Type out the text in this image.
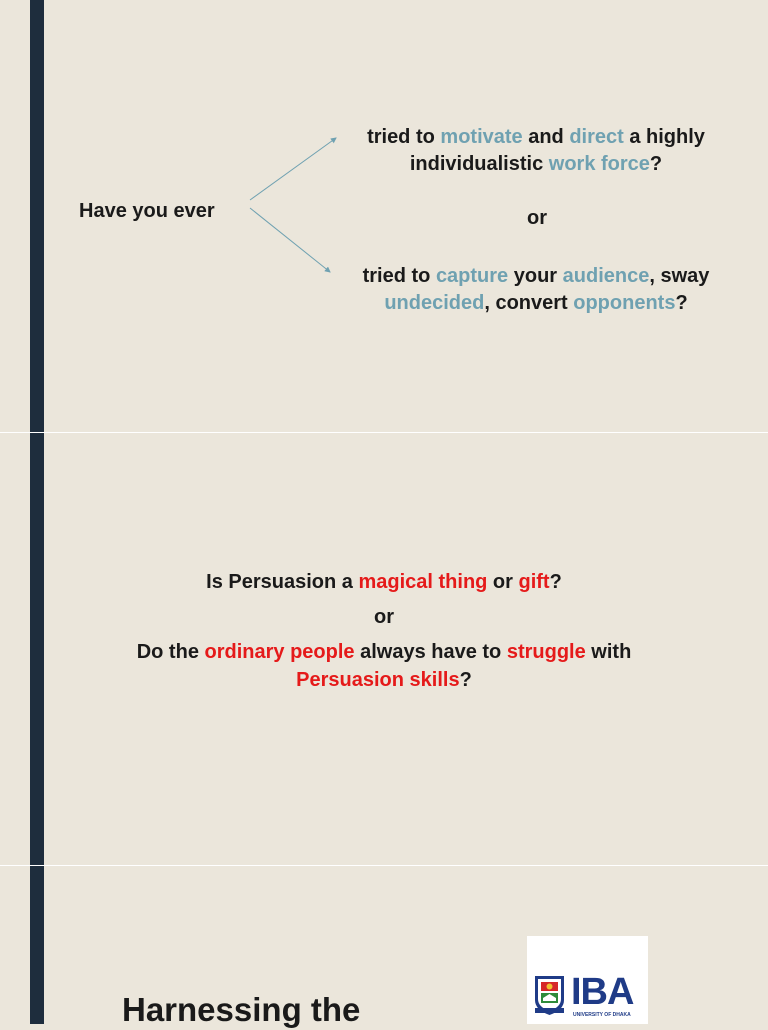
Have you ever
tried to motivate and direct a highly
individualistic work force?
or
tried to capture your audience, sway
undecided, convert opponents?
Is Persuasion a magical thing or gift?
or
Do the ordinary people always have to struggle with
Persuasion skills?
Harnessing the	IBA
UNIVERSITY OF DHAKA
